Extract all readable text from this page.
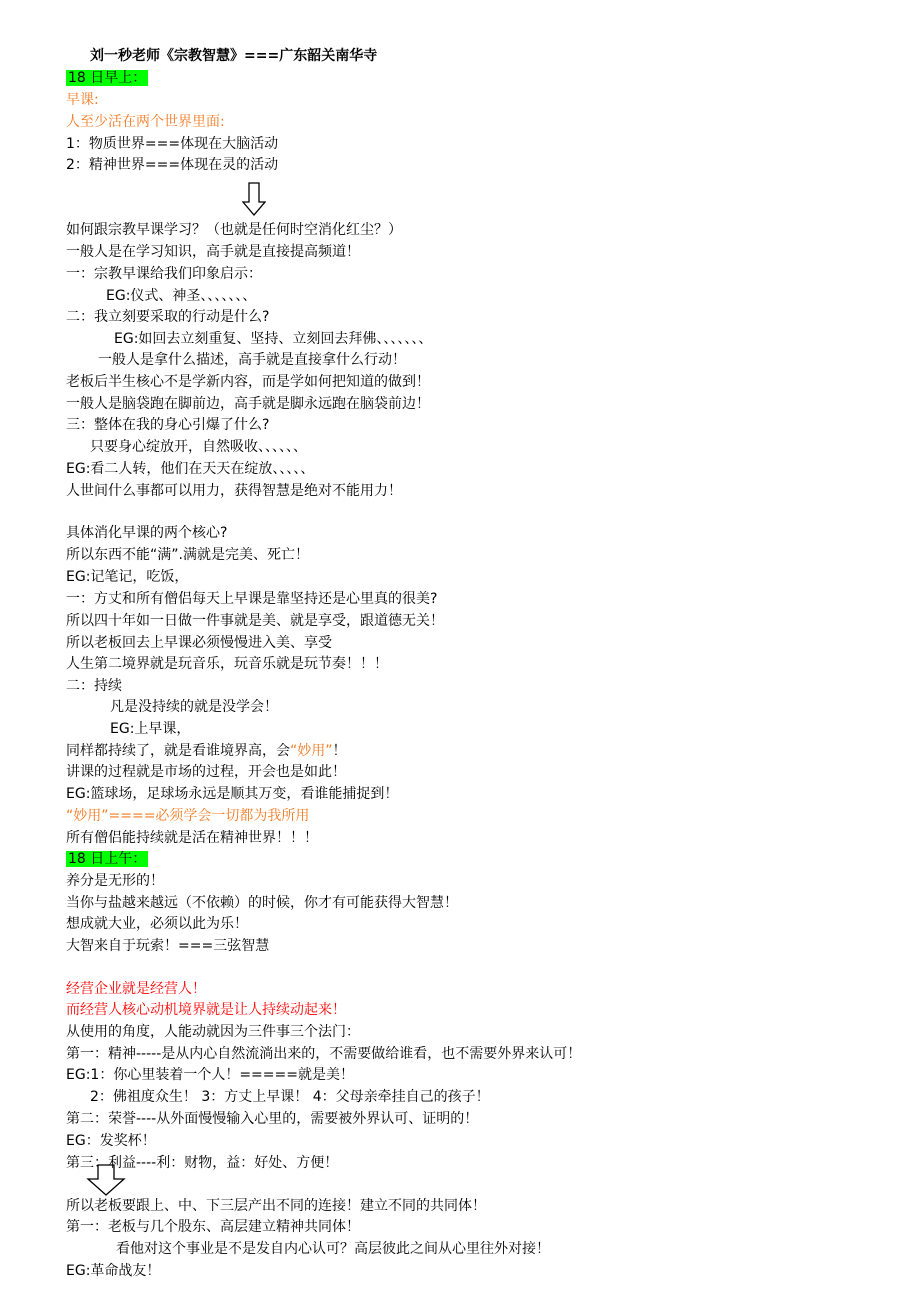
刘一秒老师《宗教智慧》===广东韶关南华寺
18 日早上：
早课:
人至少活在两个世界里面:
1：物质世界===体现在大脑活动
2：精神世界===体现在灵的活动
如何跟宗教早课学习？（也就是任何时空消化红尘？）
一般人是在学习知识，高手就是直接提高频道！
一：宗教早课给我们印象启示：
EG:仪式、神圣、、、、、、、
二：我立刻要采取的行动是什么?
EG:如回去立刻重复、坚持、立刻回去拜佛、、、、、、、
一般人是拿什么描述，高手就是直接拿什么行动！
老板后半生核心不是学新内容，而是学如何把知道的做到！
一般人是脑袋跑在脚前边，高手就是脚永远跑在脑袋前边！
三：整体在我的身心引爆了什么?
只要身心绽放开，自然吸收、、、、、、
EG:看二人转，他们在天天在绽放、、、、、
人世间什么事都可以用力，获得智慧是绝对不能用力！
具体消化早课的两个核心?
所以东西不能“满”.满就是完美、死亡！
EG:记笔记，吃饭，
一：方丈和所有僧侣每天上早课是靠坚持还是心里真的很美?
所以四十年如一日做一件事就是美、就是享受，跟道德无关！
所以老板回去上早课必须慢慢进入美、享受
人生第二境界就是玩音乐，玩音乐就是玩节奏！！！
二：持续
凡是没持续的就是没学会！
EG:上早课，
同样都持续了，就是看谁境界高，会“妙用”！
讲课的过程就是市场的过程，开会也是如此！
EG:篮球场，足球场永远是顺其万变，看谁能捕捉到！
“妙用”====必须学会一切都为我所用
所有僧侣能持续就是活在精神世界！！！
18 日上午：
养分是无形的！
当你与盐越来越远（不依赖）的时候，你才有可能获得大智慧！
想成就大业，必须以此为乐！
大智来自于玩索！===三弦智慧
经营企业就是经营人！
而经营人核心动机境界就是让人持续动起来！
从使用的角度，人能动就因为三件事三个法门：
第一：精神-----是从内心自然流淌出来的，不需要做给谁看，也不需要外界来认可！
EG:1：你心里装着一个人！=====就是美！
2：佛祖度众生！ 3：方丈上早课！ 4：父母亲牵挂自己的孩子！
第二：荣誉----从外面慢慢输入心里的，需要被外界认可、证明的！
EG：发奖杯！
第三：利益----利：财物，益：好处、方便！
所以老板要跟上、中、下三层产出不同的连接！建立不同的共同体！
第一：老板与几个股东、高层建立精神共同体！
看他对这个事业是不是发自内心认可？高层彼此之间从心里往外对接！
EG:革命战友！
